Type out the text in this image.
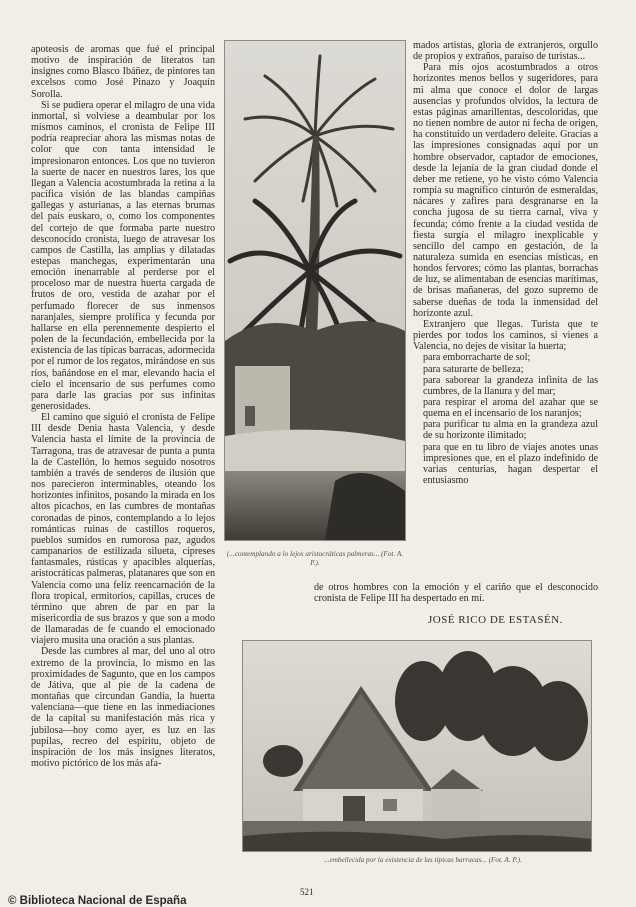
apoteosis de aromas que fué el principal motivo de inspiración de literatos tan insignes como Blasco Ibáñez, de pintores tan excelsos como José Pinazo y Joaquín Sorolla.

Si se pudiera operar el milagro de una vida inmortal, si volviese a deambular por los mismos caminos, el cronista de Felipe III podría reapreciar ahora las mismas notas de color que con tanta intensidad le impresionaron entonces. Los que no tuvieron la suerte de nacer en nuestros lares, los que llegan a Valencia acostumbrada la retina a la pacífica visión de las blandas campiñas gallegas y asturianas, a las eternas brumas del país euskaro, o, como los componentes del cortejo de que formaba parte nuestro desconocido cronista, luego de atravesar los campos de Castilla, las amplias y dilatadas estepas manchegas, experimentarán una emoción inenarrable al perderse por el proceloso mar de nuestra huerta cargada de frutos de oro, vestida de azahar por el perfumado florecer de sus inmensos naranjales, siempre prolífica y fecunda por hallarse en ella perennemente despierto el polen de la fecundación, embellecida por la existencia de las típicas barracas, adormecida por el rumor de los regatos, mirándose en sus ríos, bañándose en el mar, elevando hacia el cielo el incensario de sus perfumes como para darle las gracias por sus infinitas generosidades.

El camino que siguió el cronista de Felipe III desde Denia hasta Valencia, y desde Valencia hasta el límite de la provincia de Tarragona, tras de atravesar de punta a punta la de Castellón, lo hemos seguido nosotros también a través de senderos de ilusión que nos parecieron interminables, oteando los horizontes infinitos, posando la mirada en los altos picachos, en las cumbres de montañas coronadas de pinos, contemplando a lo lejos románticas ruinas de castillos roqueros, pueblos sumidos en rumorosa paz, agudos campanarios de estilizada silueta, cipreses fantasmales, rústicas y apacibles alquerías, aristocráticas palmeras, platanares que son en Valencia como una feliz reencarnación de la flora tropical, ermitorios, capillas, cruces de término que abren de par en par la misericordia de sus brazos y que son a modo de llamaradas de fe cuando el emocionado viajero musita una oración a sus plantas.

Desde las cumbres al mar, del uno al otro extremo de la provincia, lo mismo en las proximidades de Sagunto, que en los campos de Játiva, que al pie de la cadena de montañas que circundan Gandía, la huerta valenciana—que tiene en las inmediaciones de la capital su manifestación más rica y jubilosa—hoy como ayer, es luz en las pupilas, recreo del espíritu, objeto de inspiración de los más insignes literatos, motivo pictórico de los más afa-

mados artistas, gloria de extranjeros, orgullo de propios y extraños, paraíso de turistas...

Para mis ojos acostumbrados a otros horizontes menos bellos y sugeridores, para mi alma que conoce el dolor de largas ausencias y profundos olvidos, la lectura de estas páginas amarillentas, descoloridas, que no tienen nombre de autor ni fecha de origen, ha constituído un verdadero deleite. Gracias a las impresiones consignadas aquí por un hombre observador, captador de emociones, desde la lejanía de la gran ciudad donde el deber me retiene, yo he visto cómo Valencia rompía su magnífico cinturón de esmeraldas, nácares y zafires para desgranarse en la concha jugosa de su tierra carnal, viva y fecunda; cómo frente a la ciudad vestida de fiesta surgía el milagro inexplicable y sencillo del campo en gestación, de la naturaleza sumida en esencias místicas, en hondos fervores; cómo las plantas, borrachas de luz, se alimentaban de esencias marítimas, de brisas mañaneras, del gozo supremo de saberse dueñas de toda la inmensidad del horizonte azul.

Extranjero que llegas. Turista que te pierdes por todos los caminos, si vienes a Valencia, no dejes de visitar la huerta;

para emborracharte de sol;

para saturarte de belleza;

para saborear la grandeza infinita de las cumbres, de la llanura y del mar;

para respirar el aroma del azahar que se quema en el incensario de los naranjos;

para purificar tu alma en la grandeza azul de su horizonte ilimitado;

para que en tu libro de viajes anotes unas impresiones que, en el plazo indefinido de varias centurias, hagan despertar el entusiasmo

de otros hombres con la emoción y el cariño que el desconocido cronista de Felipe III ha despertado en mí.

(...contemplando a lo lejos aristocráticas palmeras... (Fot. A. P.).
JOSÉ RICO DE ESTASÉN.
...embellecida por la existencia de las típicas barracas... (Fot. A. P.).
521
© Biblioteca Nacional de España
